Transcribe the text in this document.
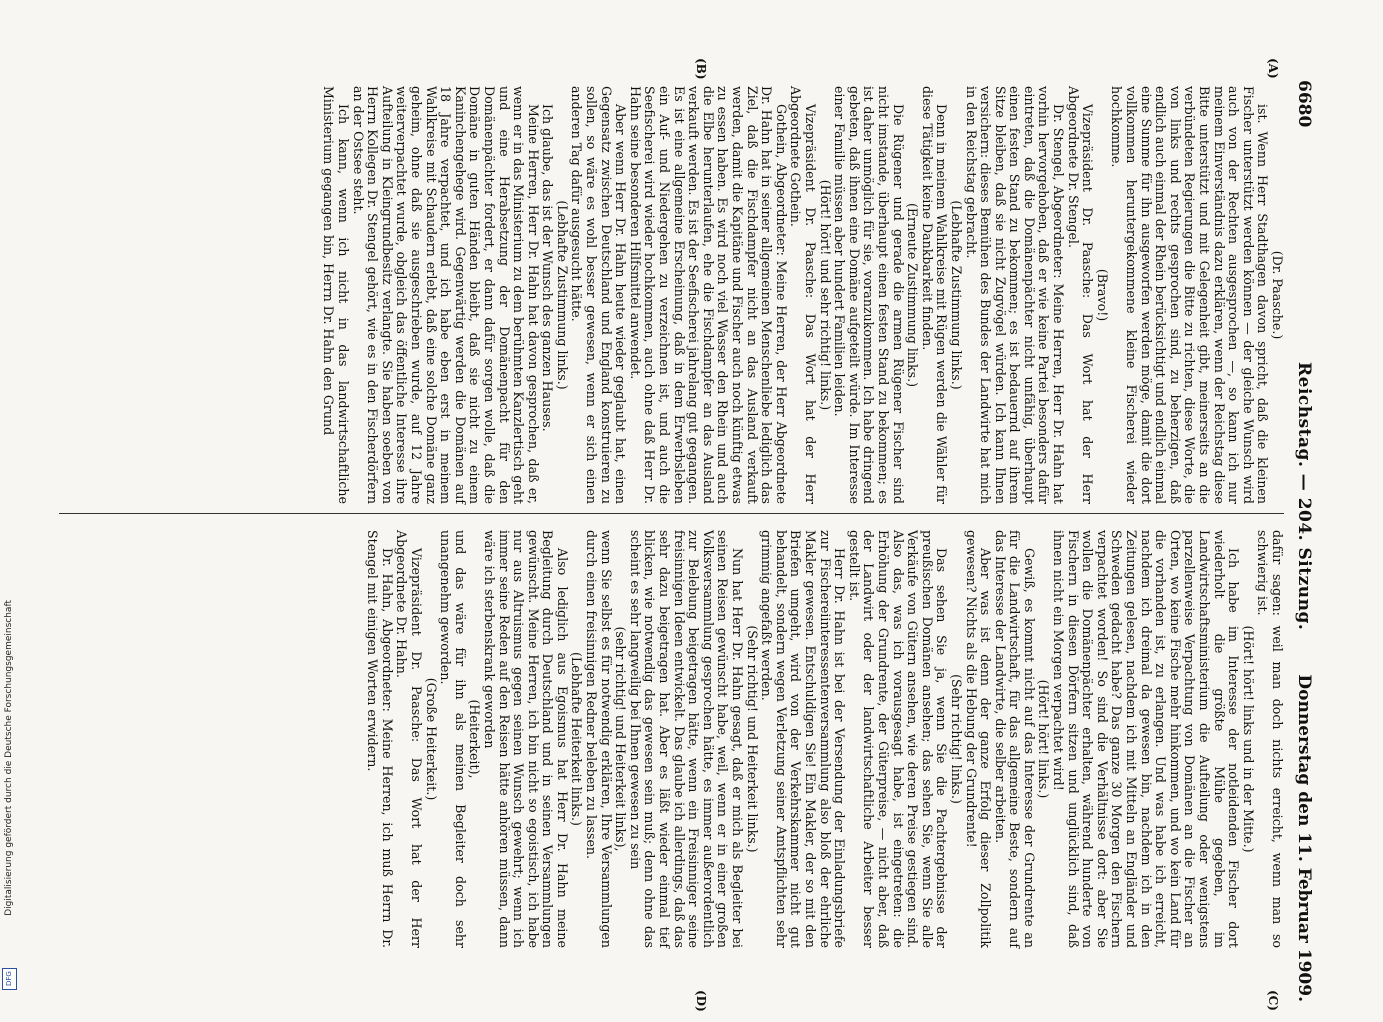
6680
Reichstag. — 204. Sitzung.
Donnerstag den 11. Februar 1909.
(A)
(B)
(C)
(D)

(Dr. Paasche.)

ist. Wenn Herr Stadthagen davon spricht, daß die kleinen Fischer unterstützt werden können — der gleiche Wunsch wird auch von der Rechten ausgesprochen —, so kann ich nur meinem Einverständnis dazu erklären, wenn der Reichstag diese Bitte unterstützt und mit Gelegenheit gibt, meinerseits an die verbündeten Regierungen die Bitte zu richten, diese Worte, die von links und rechts gesprochen sind, zu beherzigen, daß endlich auch einmal der Rhein berücksichtigt und endlich einmal eine Summe für ihn ausgeworfen werden möge, damit die dort vollkommen heruntergekommene kleine Fischerei wieder hochkomme.

(Bravo!)

Vizepräsident Dr. Paasche: Das Wort hat der Herr Abgeordnete Dr. Stengel.

Dr. Stengel, Abgeordneter: Meine Herren, Herr Dr. Hahn hat vorhin hervorgehoben, daß er wie keine Partei besonders dafür eintreten, daß die Domänenpächter nicht unfähig, überhaupt einen festen Stand zu bekommen; es ist bedauernd auf ihrem Sitze bleiben, daß sie nicht Zugvögel würden. Ich kann Ihnen versichern: dieses Bemühen des Bundes der Landwirte hat mich in den Reichstag gebracht.

(Lebhafte Zustimmung links.)

Denn in meinem Wahlkreise mit Rügen werden die Wähler für diese Tätigkeit keine Dankbarkeit finden.

(Erneute Zustimmung links.)

Die Rügener und gerade die armen Rügener Fischer sind nicht imstande, überhaupt einen festen Stand zu bekommen; es ist daher unmöglich für sie, voranzukommen. Ich habe dringend gebeten, daß ihnen eine Domäne aufgeteilt würde. Im Interesse einer Familie müssen aber hundert Familien leiden.

(Hört! hört! und sehr richtig! links.)

Vizepräsident Dr. Paasche: Das Wort hat der Herr Abgeordnete Gothein.

Gothein, Abgeordneter: Meine Herren, der Herr Abgeordnete Dr. Hahn hat in seiner allgemeinen Menschenliebe lediglich das Ziel, daß die Fischdampfer nicht an das Ausland verkauft werden, damit die Kapitäne und Fischer auch noch künftig etwas zu essen haben. Es wird noch viel Wasser den Rhein und auch die Elbe herunterlaufen, ehe die Fischdampfer an das Ausland verkauft werden. Es ist der Seefischerei jahrelang gut gegangen. Es ist eine allgemeine Erscheinung, daß in dem Erwerbsleben ein Auf- und Niedergehen zu verzeichnen ist, und auch die Seefischerei wird wieder hochkommen, auch ohne daß Herr Dr. Hahn seine besonderen Hilfsmittel anwendet.

Aber wenn Herr Dr. Hahn heute wieder geglaubt hat, einen Gegensatz zwischen Deutschland und England konstruieren zu sollen, so wäre es wohl besser gewesen, wenn er sich einen anderen Tag dafür ausgesucht hätte.

(Lebhafte Zustimmung links.)

Ich glaube, das ist der Wunsch des ganzen Hauses.

Meine Herren, Herr Dr. Hahn hat davon gesprochen, daß er, wenn er in das Ministerium zu dem berühmten Kanzlertisch geht und eine Herabsetzung der Domänenpacht für den Domänenpächter fordert, er dann dafür sorgen wolle, daß die Domäne in guten Händen bleibt, daß sie nicht zu einem Kaninchengehege wird. Gegenwärtig werden die Domänen auf 18 Jahre verpachtet, und ich habe eben erst in meinem Wahlkreise mit Schaudern erlebt, daß eine solche Domäne ganz geheim, ohne daß sie ausgeschrieben wurde, auf 12 Jahre weiterverpachtet wurde, obgleich das öffentliche Interesse ihre Aufteilung in Kleingrundbesitz verlangte. Sie haben soeben von Herrn Kollegen Dr. Stengel gehört, wie es in den Fischerdörfern an der Ostsee steht.

Ich kann, wenn ich nicht in das landwirtschaftliche Ministerium gegangen bin, Herrn Dr. Hahn den Grund

dafür sagen: weil man doch nichts erreicht, wenn man so schwierig ist.

(Hört! hört! links und in der Mitte.)

Ich habe im Interesse der notleidenden Fischer dort wiederholt die größte Mühe gegeben, im Landwirtschaftsministerium die Aufteilung oder wenigstens parzellenweise Verpachtung von Domänen an die Fischer an Orten, wo keine Fische mehr hinkommen, und wo kein Land für die vorhanden ist, zu erlangen. Und was habe ich erreicht, nachdem ich dreimal da gewesen bin, nachdem ich in den Zeitungen gelesen, nachdem ich mit Mitteln an Engländer und Schweden gedacht habe? Das ganze 30 Morgen den Fischern verpachtet worden! So sind die Verhältnisse dort: aber Sie wollen die Domänenpächter erhalten, während hunderte von Fischern in diesen Dörfern sitzen und unglücklich sind, daß ihnen nicht ein Morgen verpachtet wird!

(Hört! hört! links.)

Gewiß, es kommt nicht auf das Interesse der Grundrente an für die Landwirtschaft, für das allgemeine Beste, sondern auf das Interesse der Landwirte, die selber arbeiten.

Aber was ist denn der ganze Erfolg dieser Zollpolitik gewesen? Nichts als die Hebung der Grundrente!

(Sehr richtig! links.)

Das sehen Sie ja, wenn Sie die Pachtergebnisse der preußischen Domänen ansehen; das sehen Sie, wenn Sie alle Verkäufe von Gütern ansehen, wie deren Preise gestiegen sind. Also das, was ich vorausgesagt habe, ist eingetreten: die Erhöhung der Grundrente, der Güterpreise, — nicht aber, daß der Landwirt oder der landwirtschaftliche Arbeiter besser gestellt ist.

Herr Dr. Hahn ist bei der Versendung der Einladungsbriefe zur Fischereiinteressentenversammlung also bloß der ehrliche Makler gewesen. Entschuldigen Sie! Ein Makler, der so mit den Briefen umgeht, wird von der Verkehrskammer nicht gut behandelt, sondern wegen Verletzung seiner Amtspflichten sehr grimmig angefaßt werden.

(Sehr richtig! und Heiterkeit links.)

Nun hat Herr Dr. Hahn gesagt, daß er mich als Begleiter bei seinen Reisen gewünscht habe, weil, wenn er in einer großen Volksversammlung gesprochen hätte, es immer außerordentlich zur Belebung beigetragen hätte, wenn ein Freisinniger seine freisinnigen Ideen entwickelt. Das glaube ich allerdings, daß das sehr dazu beigetragen hat. Aber es läßt wieder einmal tief blicken, wie notwendig das gewesen sein muß; denn ohne das scheint es sehr langweilig bei Ihnen gewesen zu sein

(sehr richtig! und Heiterkeit links),

wenn Sie selbst es für notwendig erklären, Ihre Versammlungen durch einen freisinnigen Redner beleben zu lassen.

(Lebhafte Heiterkeit links.)

Also lediglich aus Egoismus hat Herr Dr. Hahn meine Begleitung durch Deutschland und in seinen Versammlungen gewünscht. Meine Herren, ich bin nicht so egoistisch, ich habe nur aus Altruismus gegen seinen Wunsch gewehrt; wenn ich immer seine Reden auf den Reisen hätte anhören müssen, dann wäre ich sterbenskrank geworden

(Heiterkeit),

und das wäre für ihn als meinen Begleiter doch sehr unangenehm geworden.

(Große Heiterkeit.)

Vizepräsident Dr. Paasche: Das Wort hat der Herr Abgeordnete Dr. Hahn.

Dr. Hahn, Abgeordneter: Meine Herren, ich muß Herrn Dr. Stengel mit einigen Worten erwidern.

Digitalisierung gefördert durch die Deutsche Forschungsgemeinschaft
DFG
